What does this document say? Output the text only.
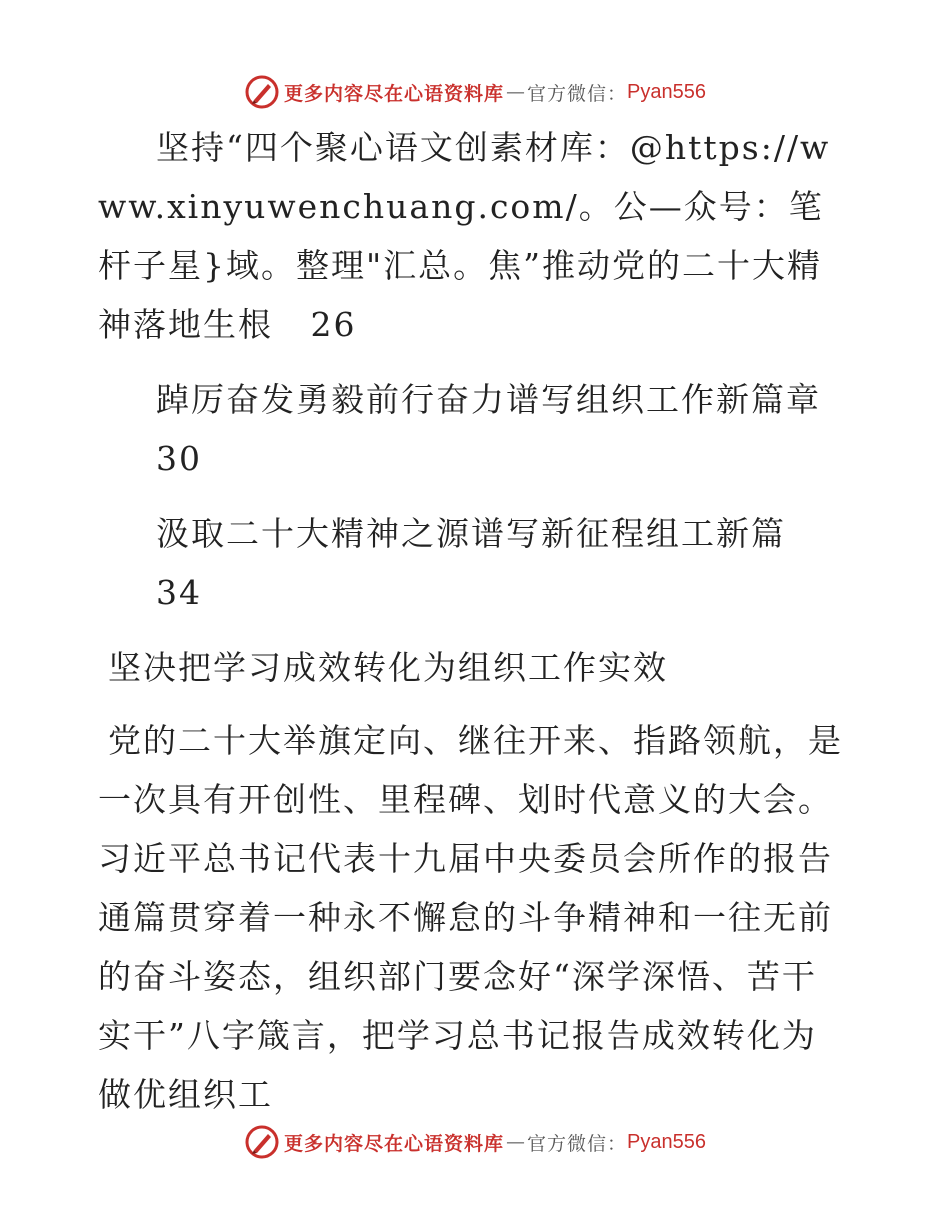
更多内容尽在心语资料库 — 官方微信： Pyan556

坚持“四个聚心语文创素材库：@https://www.xinyuwenchuang.com/。公—众号：笔杆子星}域。整理"汇总。焦”推动党的二十大精神落地生根 26

踔厉奋发勇毅前行奋力谱写组织工作新篇章
30

汲取二十大精神之源谱写新征程组工新篇
34

坚决把学习成效转化为组织工作实效

党的二十大举旗定向、继往开来、指路领航，是一次具有开创性、里程碑、划时代意义的大会。习近平总书记代表十九届中央委员会所作的报告通篇贯穿着一种永不懈怠的斗争精神和一往无前的奋斗姿态，组织部门要念好“深学深悟、苦干实干”八字箴言，把学习总书记报告成效转化为做优组织工

更多内容尽在心语资料库 — 官方微信： Pyan556
